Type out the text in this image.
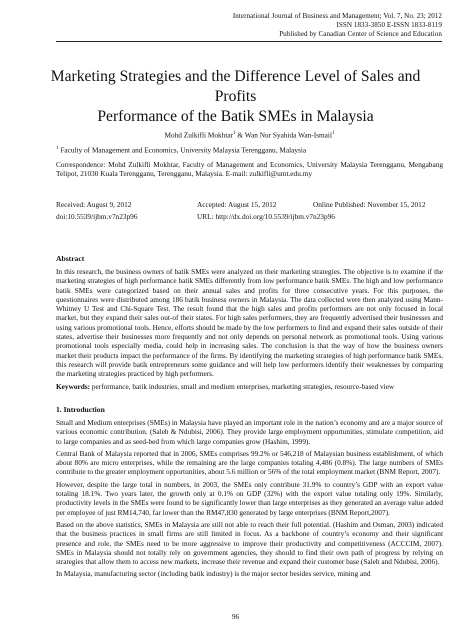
International Journal of Business and Management; Vol. 7, No. 23; 2012
ISSN 1833-3850 E-ISSN 1833-8119
Published by Canadian Center of Science and Education
Marketing Strategies and the Difference Level of Sales and Profits
Performance of the Batik SMEs in Malaysia
Mohd Zulkifli Mokhtar$^1$ & Wan Nur Syahida Wan-Ismail$^1$
$^1$ Faculty of Management and Economics, University Malaysia Terengganu, Malaysia
Correspondence: Mohd Zulkifli Mokhtar, Faculty of Management and Economics, University Malaysia Terengganu, Mengabang Telipot, 21030 Kuala Terengganu, Terengganu, Malaysia. E-mail: zulkifli@umt.edu.my
Received: August 9, 2012	Accepted: August 15, 2012	Online Published: November 15, 2012
doi:10.5539/ijbm.v7n23p96	URL: http://dx.doi.org/10.5539/ijbm.v7n23p96
Abstract

In this research, the business owners of batik SMEs were analyzed on their marketing strategies. The objective is to examine if the marketing strategies of high performance batik SMEs differently from low performance batik SMEs. The high and low performance batik SMEs were categorized based on their annual sales and profits for three consecutive years. For this purposes, the questionnaires were distributed among 186 batik business owners in Malaysia. The data collected were then analyzed using Mann-Whitney U Test and Chi-Square Test. The result found that the high sales and profits performers are not only focused in local market, but they expand their sales out-of their states. For high sales performers, they are frequently advertised their businesses and using various promotional tools. Hence, efforts should be made by the low performers to find and expand their sales outside of their states, advertise their businesses more frequently and not only depends on personal network as promotional tools. Using various promotional tools especially media, could help in increasing sales. The conclusion is that the way of how the business owners market their products impact the performance of the firms. By identifying the marketing strategies of high performance batik SMEs, this research will provide batik entrepreneurs some guidance and will help low performers identify their weaknesses by comparing the marketing strategies practiced by high performers.

Keywords: performance, batik industries, small and medium enterprises, marketing strategies, resource-based view

1. Introduction

Small and Medium enterprises (SMEs) in Malaysia have played an important role in the nation’s economy and are a major source of various economic contribution. (Saleh & Ndubisi, 2006). They provide large employment opportunities, stimulate competition, aid to large companies and as seed-bed from which large companies grow (Hashim, 1999).

Central Bank of Malaysia reported that in 2006, SMEs comprises 99.2% or 546,218 of Malaysian business establishment, of which about 80% are micro enterprises, while the remaining are the large companies totaling 4,486 (0.8%). The large numbers of SMEs contribute to the greater employment opportunities, about 5.6 million or 56% of the total employment market (BNM Report, 2007).

However, despite the large total in numbers, in 2003, the SMEs only contribute 31.9% to country’s GDP with an export value totaling 18.1%. Two years later, the growth only at 0.1% on GDP (32%) with the export value totaling only 19%. Similarly, productivity levels in the SMEs were found to be significantly lower than large enterprises as they generated an average value added per employee of just RM14,740, far lower than the RM47,830 generated by large enterprises (BNM Report,2007).

Based on the above statistics, SMEs in Malaysia are still not able to reach their full potential. (Hashim and Osman, 2003) indicated that the business practices in small firms are still limited in focus. As a backbone of country’s economy and their significant presence and role, the SMEs need to be more aggressive to improve their productivity and competitiveness (ACCCIM, 2007). SMEs in Malaysia should not totally rely on government agencies, they should to find their own path of progress by relying on strategies that allow them to access new markets, increase their revenue and expand their customer base (Saleh and Ndubisi, 2006).

In Malaysia, manufacturing sector (including batik industry) is the major sector besides service, mining and

96
